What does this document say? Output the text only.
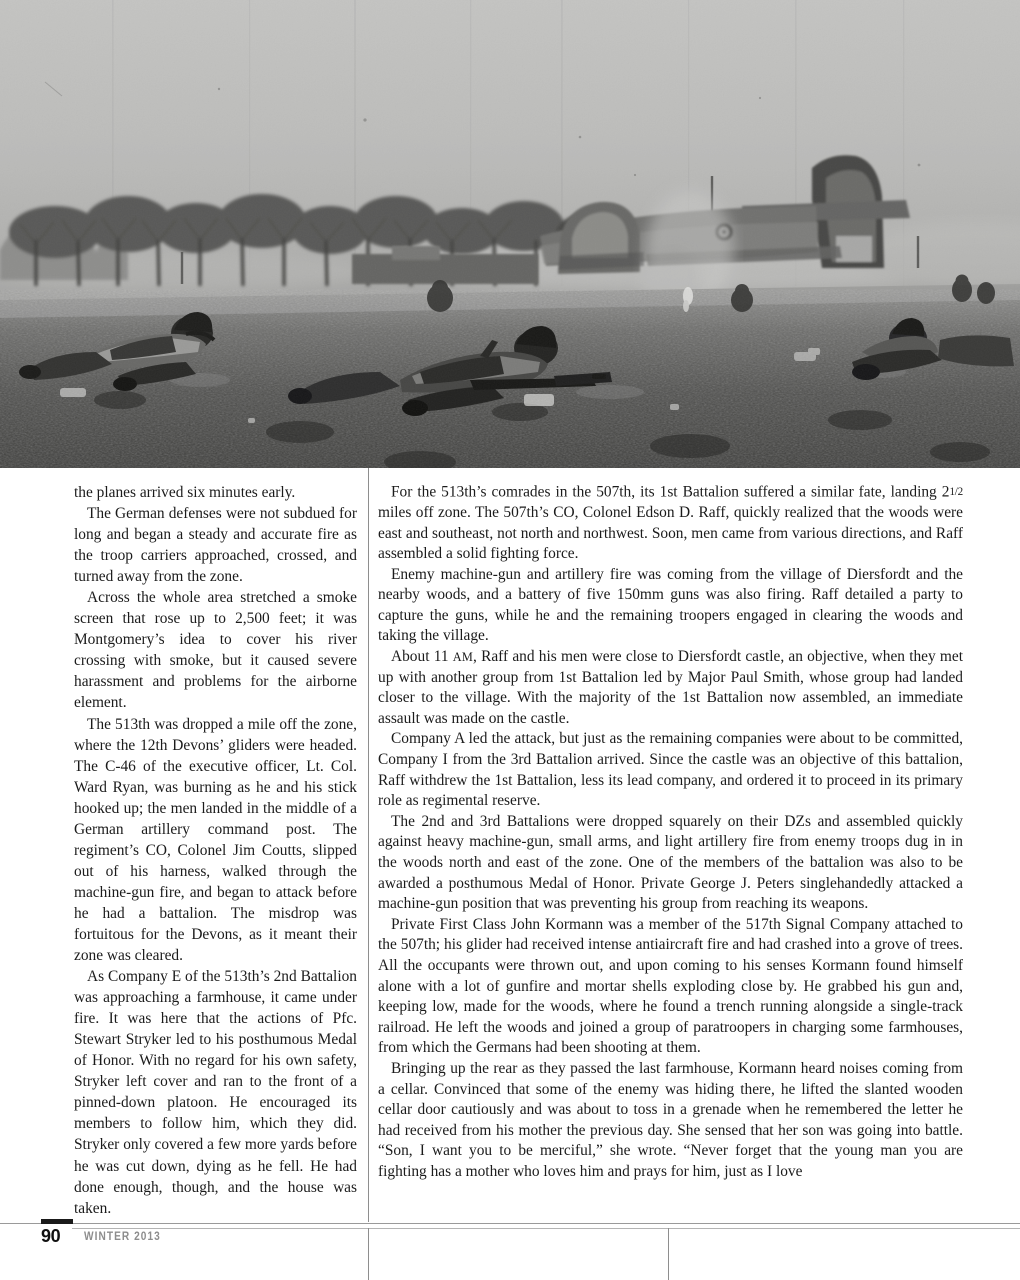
the planes arrived six minutes early.

The German defenses were not subdued for long and began a steady and accurate fire as the troop carriers approached, crossed, and turned away from the zone.

Across the whole area stretched a smoke screen that rose up to 2,500 feet; it was Montgomery’s idea to cover his river crossing with smoke, but it caused severe harassment and problems for the airborne element.

The 513th was dropped a mile off the zone, where the 12th Devons’ gliders were headed. The C-46 of the executive officer, Lt. Col. Ward Ryan, was burning as he and his stick hooked up; the men landed in the middle of a German artillery command post. The regiment’s CO, Colonel Jim Coutts, slipped out of his harness, walked through the machine-gun fire, and began to attack before he had a battalion. The misdrop was fortuitous for the Devons, as it meant their zone was cleared.

As Company E of the 513th’s 2nd Battalion was approaching a farmhouse, it came under fire. It was here that the actions of Pfc. Stewart Stryker led to his posthumous Medal of Honor. With no regard for his own safety, Stryker left cover and ran to the front of a pinned-down platoon. He encouraged its members to follow him, which they did. Stryker only covered a few more yards before he was cut down, dying as he fell. He had done enough, though, and the house was taken.

For the 513th’s comrades in the 507th, its 1st Battalion suffered a similar fate, landing 21/2 miles off zone. The 507th’s CO, Colonel Edson D. Raff, quickly realized that the woods were east and southeast, not north and northwest. Soon, men came from various directions, and Raff assembled a solid fighting force.

Enemy machine-gun and artillery fire was coming from the village of Diersfordt and the nearby woods, and a battery of five 150mm guns was also firing. Raff detailed a party to capture the guns, while he and the remaining troopers engaged in clearing the woods and taking the village.

About 11 AM, Raff and his men were close to Diersfordt castle, an objective, when they met up with another group from 1st Battalion led by Major Paul Smith, whose group had landed closer to the village. With the majority of the 1st Battalion now assembled, an immediate assault was made on the castle.

Company A led the attack, but just as the remaining companies were about to be committed, Company I from the 3rd Battalion arrived. Since the castle was an objective of this battalion, Raff withdrew the 1st Battalion, less its lead company, and ordered it to proceed in its primary role as regimental reserve.

The 2nd and 3rd Battalions were dropped squarely on their DZs and assembled quickly against heavy machine-gun, small arms, and light artillery fire from enemy troops dug in in the woods north and east of the zone. One of the members of the battalion was also to be awarded a posthumous Medal of Honor. Private George J. Peters singlehandedly attacked a machine-gun position that was preventing his group from reaching its weapons.

Private First Class John Kormann was a member of the 517th Signal Company attached to the 507th; his glider had received intense antiaircraft fire and had crashed into a grove of trees. All the occupants were thrown out, and upon coming to his senses Kormann found himself alone with a lot of gunfire and mortar shells exploding close by. He grabbed his gun and, keeping low, made for the woods, where he found a trench running alongside a single-track railroad. He left the woods and joined a group of paratroopers in charging some farmhouses, from which the Germans had been shooting at them.

Bringing up the rear as they passed the last farmhouse, Kormann heard noises coming from a cellar. Convinced that some of the enemy was hiding there, he lifted the slanted wooden cellar door cautiously and was about to toss in a grenade when he remembered the letter he had received from his mother the previous day. She sensed that her son was going into battle. “Son, I want you to be merciful,” she wrote. “Never forget that the young man you are fighting has a mother who loves him and prays for him, just as I love

90	WINTER 2013
